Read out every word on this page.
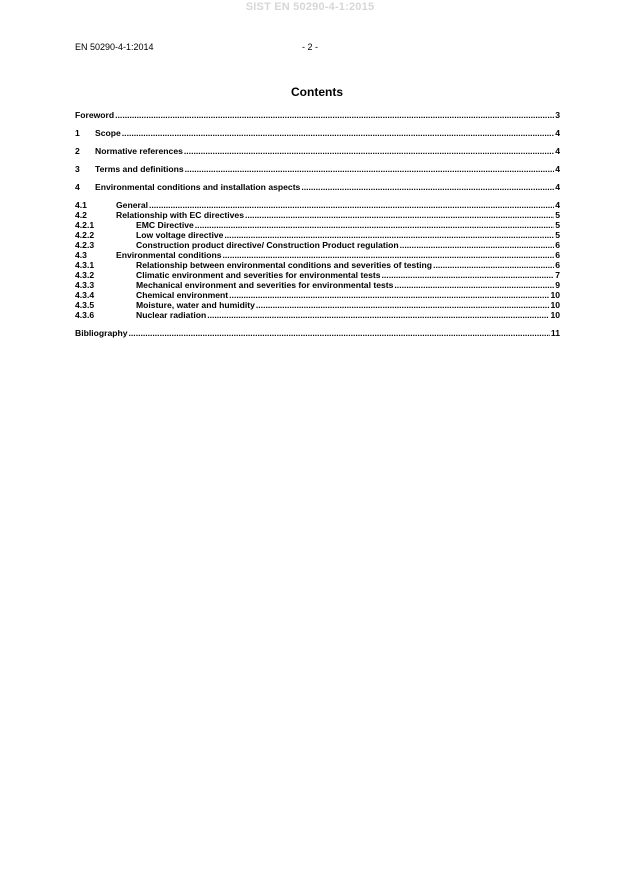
SIST EN 50290-4-1:2015
EN 50290-4-1:2014	- 2 -
Contents
Foreword .....	3
1	Scope .....	4
2	Normative references .....	4
3	Terms and definitions .....	4
4	Environmental conditions and installation aspects .....	4
4.1	General .....	4
4.2	Relationship with EC directives .....	5
4.2.1	EMC Directive .....	5
4.2.2	Low voltage directive .....	5
4.2.3	Construction product directive/ Construction Product regulation .....	6
4.3	Environmental conditions .....	6
4.3.1	Relationship between environmental conditions and severities of testing .....	6
4.3.2	Climatic environment and severities for environmental tests .....	7
4.3.3	Mechanical environment and severities for environmental tests .....	9
4.3.4	Chemical environment .....	10
4.3.5	Moisture, water and humidity .....	10
4.3.6	Nuclear radiation .....	10
Bibliography .....	11
